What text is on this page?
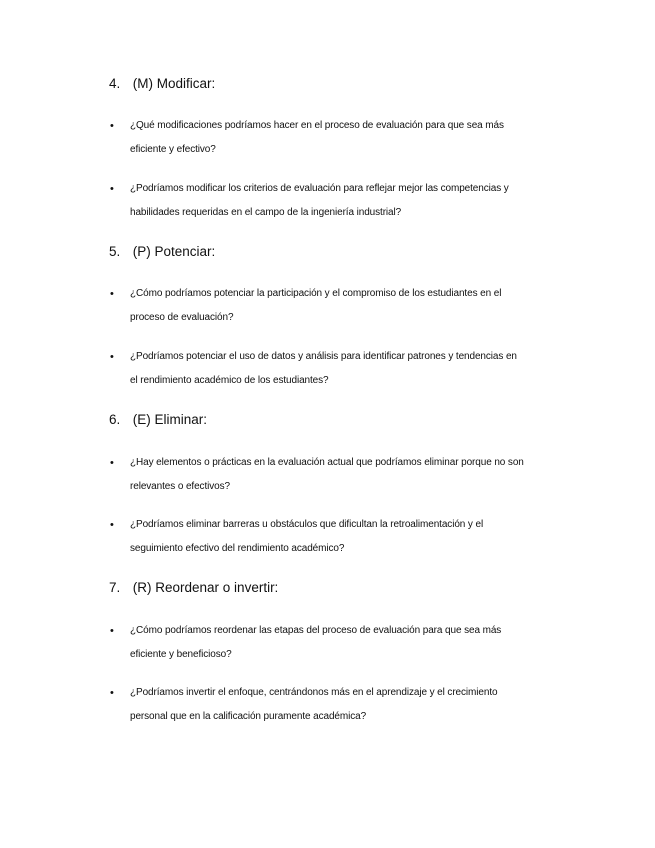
4. (M) Modificar:
• ¿Qué modificaciones podríamos hacer en el proceso de evaluación para que sea más
eficiente y efectivo?
• ¿Podríamos modificar los criterios de evaluación para reflejar mejor las competencias y
habilidades requeridas en el campo de la ingeniería industrial?
5. (P) Potenciar:
• ¿Cómo podríamos potenciar la participación y el compromiso de los estudiantes en el
proceso de evaluación?
• ¿Podríamos potenciar el uso de datos y análisis para identificar patrones y tendencias en
el rendimiento académico de los estudiantes?
6. (E) Eliminar:
• ¿Hay elementos o prácticas en la evaluación actual que podríamos eliminar porque no son
relevantes o efectivos?
• ¿Podríamos eliminar barreras u obstáculos que dificultan la retroalimentación y el
seguimiento efectivo del rendimiento académico?
7. (R) Reordenar o invertir:
• ¿Cómo podríamos reordenar las etapas del proceso de evaluación para que sea más
eficiente y beneficioso?
• ¿Podríamos invertir el enfoque, centrándonos más en el aprendizaje y el crecimiento
personal que en la calificación puramente académica?
